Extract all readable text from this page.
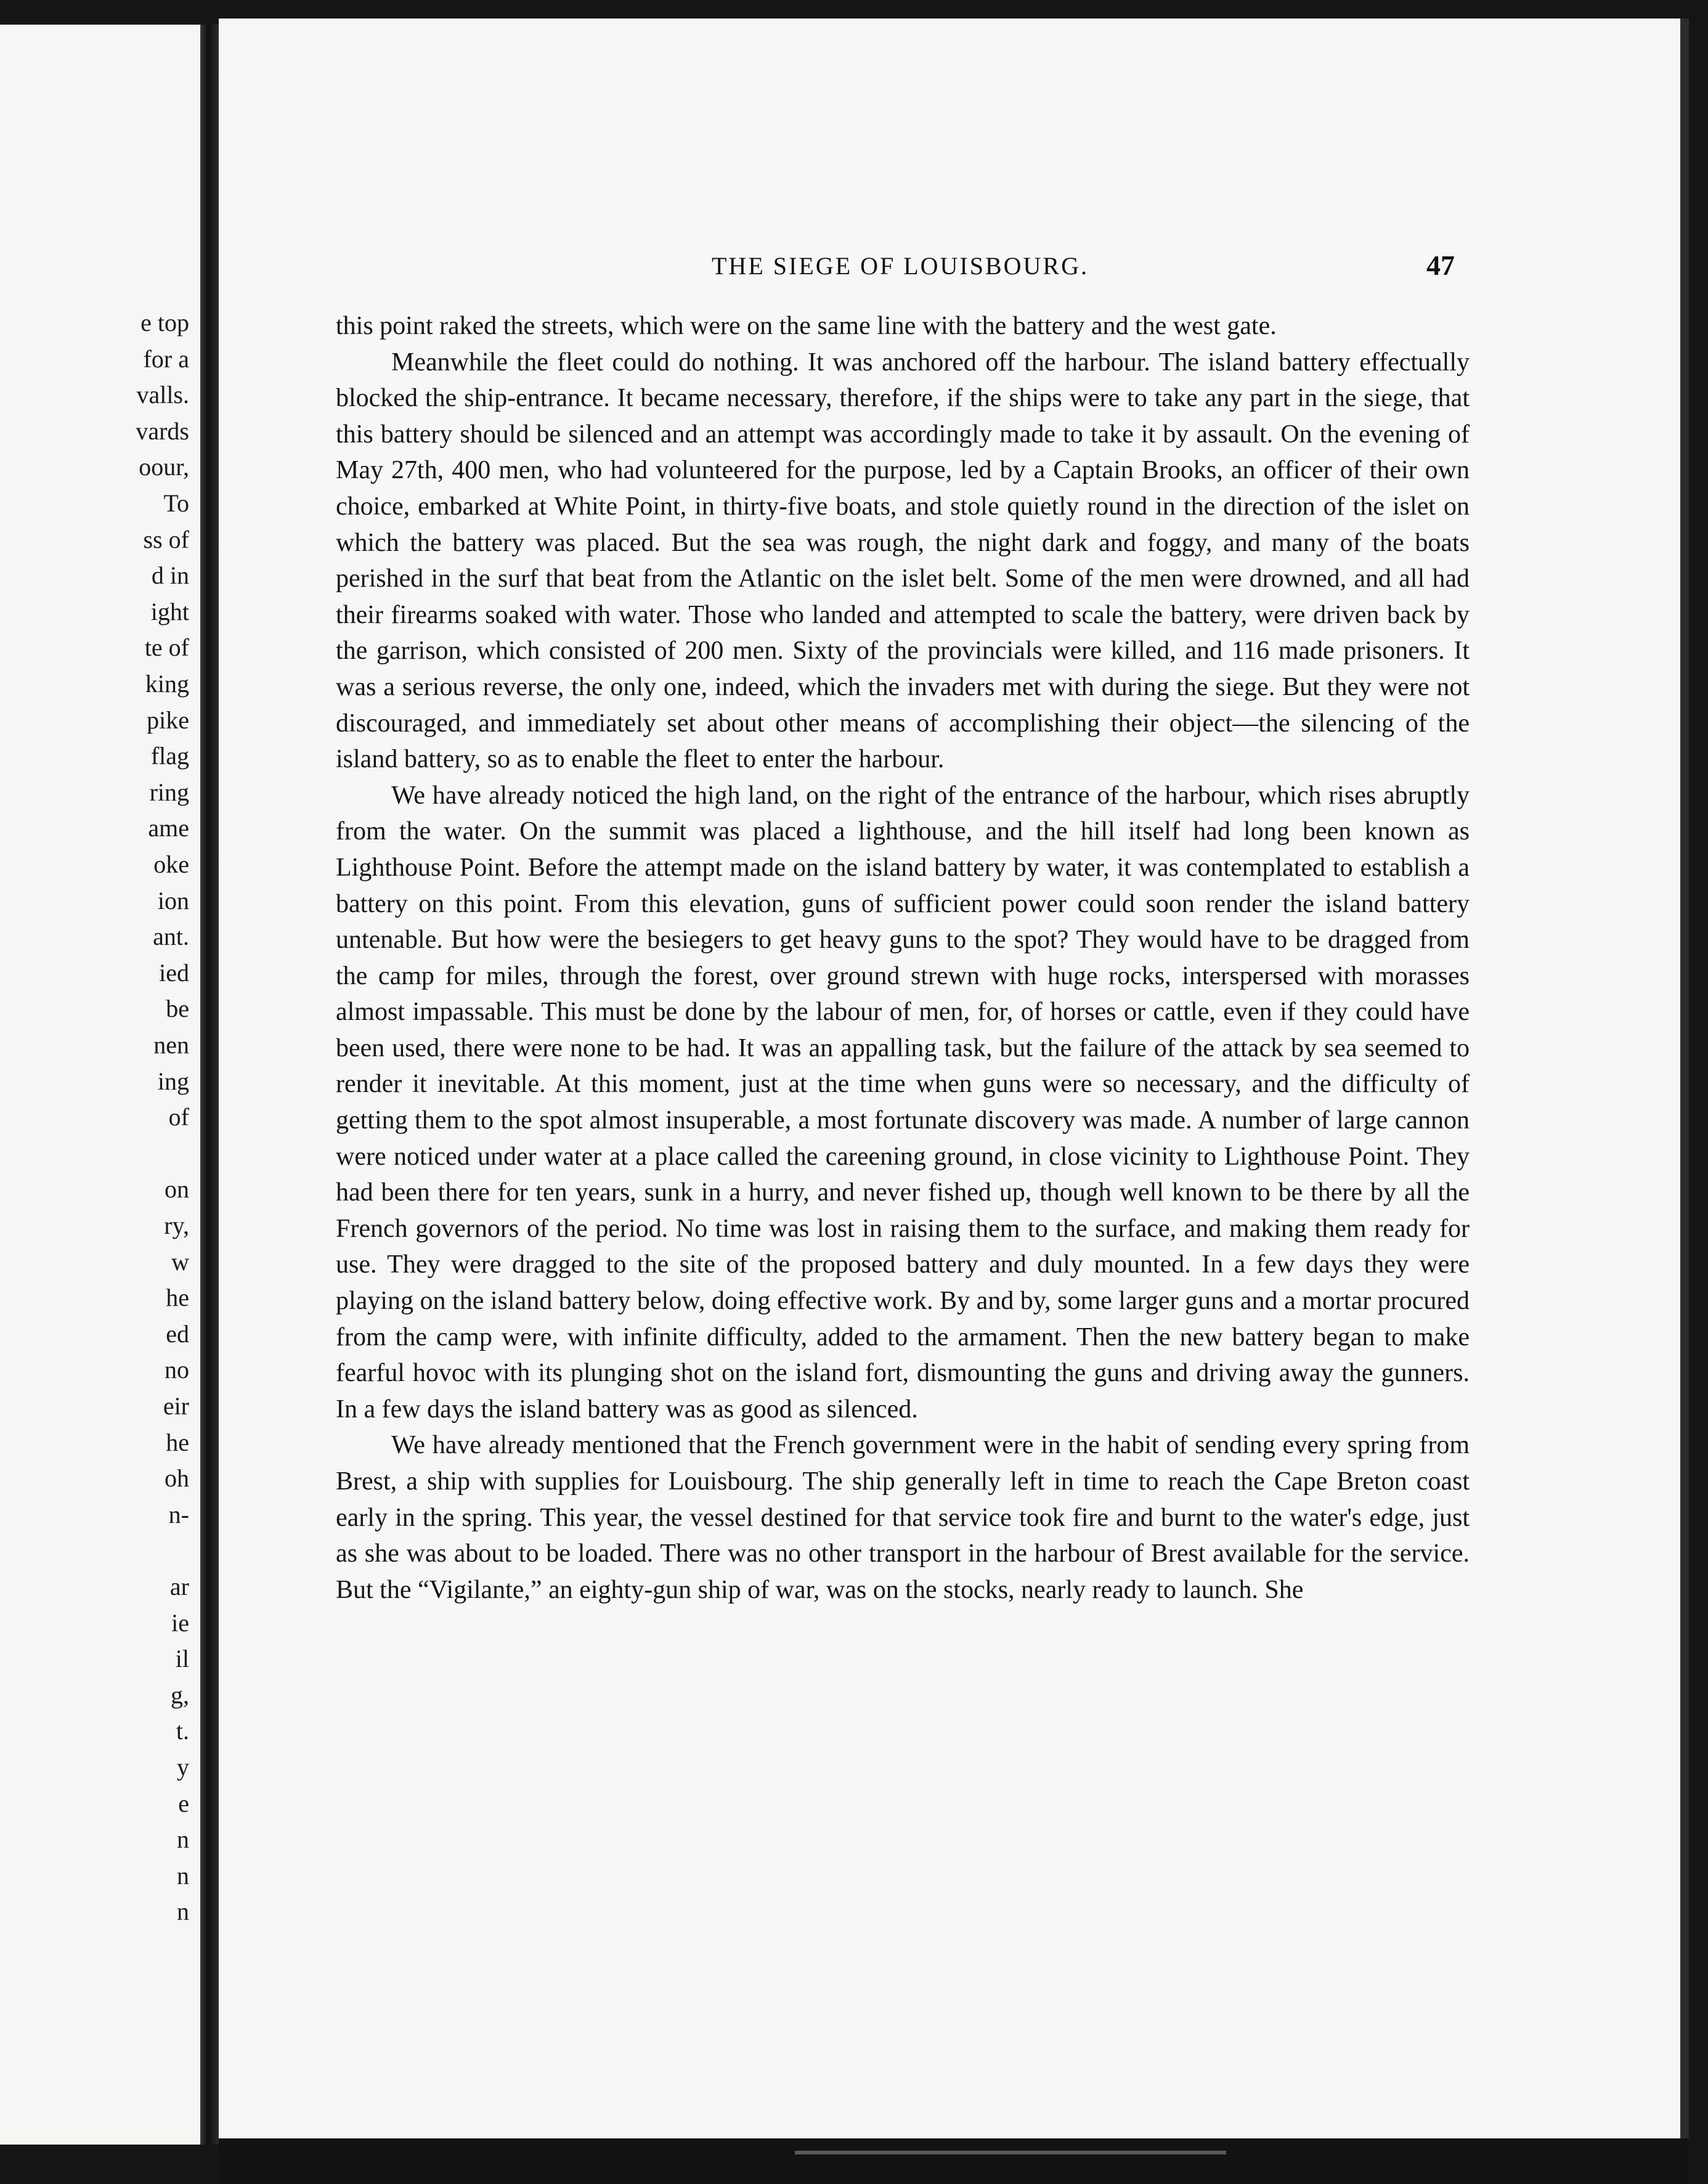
e top
for a
valls.
vards
oour,
To
ss of
d in
ight
te of
king
pike
flag
ring
ame
oke
ion
ant.
ied
be
nen
ing
of
on
ry,
w
he
ed
no
eir
he
oh
n-
ar
ie
il
g,
t.
y
e
n
n
n
THE SIEGE OF LOUISBOURG.	47

this point raked the streets, which were on the same line with the battery and the west gate.

Meanwhile the fleet could do nothing. It was anchored off the harbour. The island battery effectually blocked the ship-entrance. It became necessary, therefore, if the ships were to take any part in the siege, that this battery should be silenced and an attempt was accordingly made to take it by assault. On the evening of May 27th, 400 men, who had volunteered for the purpose, led by a Captain Brooks, an officer of their own choice, embarked at White Point, in thirty-five boats, and stole quietly round in the direction of the islet on which the battery was placed. But the sea was rough, the night dark and foggy, and many of the boats perished in the surf that beat from the Atlantic on the islet belt. Some of the men were drowned, and all had their firearms soaked with water. Those who landed and attempted to scale the battery, were driven back by the garrison, which consisted of 200 men. Sixty of the provincials were killed, and 116 made prisoners. It was a serious reverse, the only one, indeed, which the invaders met with during the siege. But they were not discouraged, and immediately set about other means of accomplishing their object—the silencing of the island battery, so as to enable the fleet to enter the harbour.

We have already noticed the high land, on the right of the entrance of the harbour, which rises abruptly from the water. On the summit was placed a lighthouse, and the hill itself had long been known as Lighthouse Point. Before the attempt made on the island battery by water, it was contemplated to establish a battery on this point. From this elevation, guns of sufficient power could soon render the island battery untenable. But how were the besiegers to get heavy guns to the spot? They would have to be dragged from the camp for miles, through the forest, over ground strewn with huge rocks, interspersed with morasses almost impassable. This must be done by the labour of men, for, of horses or cattle, even if they could have been used, there were none to be had. It was an appalling task, but the failure of the attack by sea seemed to render it inevitable. At this moment, just at the time when guns were so necessary, and the difficulty of getting them to the spot almost insuperable, a most fortunate discovery was made. A number of large cannon were noticed under water at a place called the careening ground, in close vicinity to Lighthouse Point. They had been there for ten years, sunk in a hurry, and never fished up, though well known to be there by all the French governors of the period. No time was lost in raising them to the surface, and making them ready for use. They were dragged to the site of the proposed battery and duly mounted. In a few days they were playing on the island battery below, doing effective work. By and by, some larger guns and a mortar procured from the camp were, with infinite difficulty, added to the armament. Then the new battery began to make fearful hovoc with its plunging shot on the island fort, dismounting the guns and driving away the gunners. In a few days the island battery was as good as silenced.

We have already mentioned that the French government were in the habit of sending every spring from Brest, a ship with supplies for Louisbourg. The ship generally left in time to reach the Cape Breton coast early in the spring. This year, the vessel destined for that service took fire and burnt to the water's edge, just as she was about to be loaded. There was no other transport in the harbour of Brest available for the service. But the “Vigilante,” an eighty-gun ship of war, was on the stocks, nearly ready to launch. She
